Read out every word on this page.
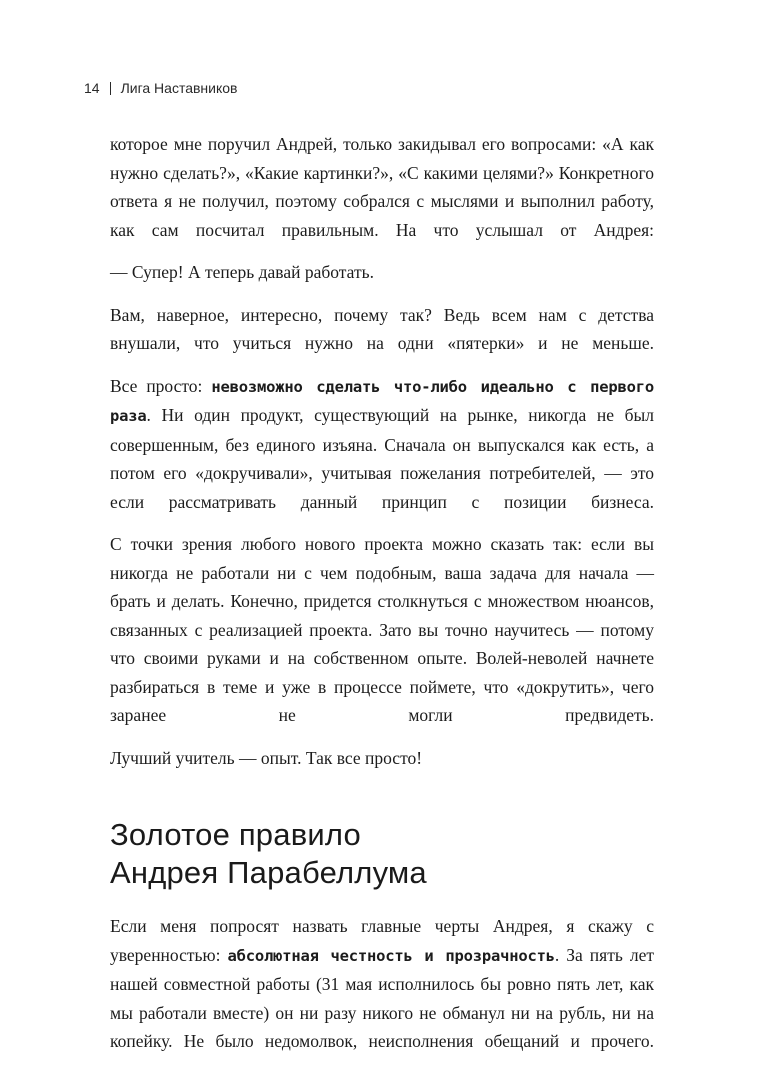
14 Лига Наставников

которое мне поручил Андрей, только закидывал его вопросами: «А как нужно сделать?», «Какие картинки?», «С какими целями?» Конкретного ответа я не получил, поэтому собрался с мыслями и выполнил работу, как сам посчитал правильным. На что услышал от Андрея:

— Супер! А теперь давай работать.

Вам, наверное, интересно, почему так? Ведь всем нам с детства внушали, что учиться нужно на одни «пятерки» и не меньше.

Все просто: невозможно сделать что-либо идеально с первого раза. Ни один продукт, существующий на рынке, никогда не был совершенным, без единого изъяна. Сначала он выпускался как есть, а потом его «докручивали», учитывая пожелания потребителей, — это если рассматривать данный принцип с позиции бизнеса.

С точки зрения любого нового проекта можно сказать так: если вы никогда не работали ни с чем подобным, ваша задача для начала — брать и делать. Конечно, придется столкнуться с множеством нюансов, связанных с реализацией проекта. Зато вы точно научитесь — потому что своими руками и на собственном опыте. Волей-неволей начнете разбираться в теме и уже в процессе поймете, что «докрутить», чего заранее не могли предвидеть.

Лучший учитель — опыт. Так все просто!

Золотое правило
Андрея Парабеллума

Если меня попросят назвать главные черты Андрея, я скажу с уверенностью: абсолютная честность и прозрачность. За пять лет нашей совместной работы (31 мая исполнилось бы ровно пять лет, как мы работали вместе) он ни разу никого не обманул ни на рубль, ни на копейку. Не было недомолвок, неисполнения обещаний и прочего.
